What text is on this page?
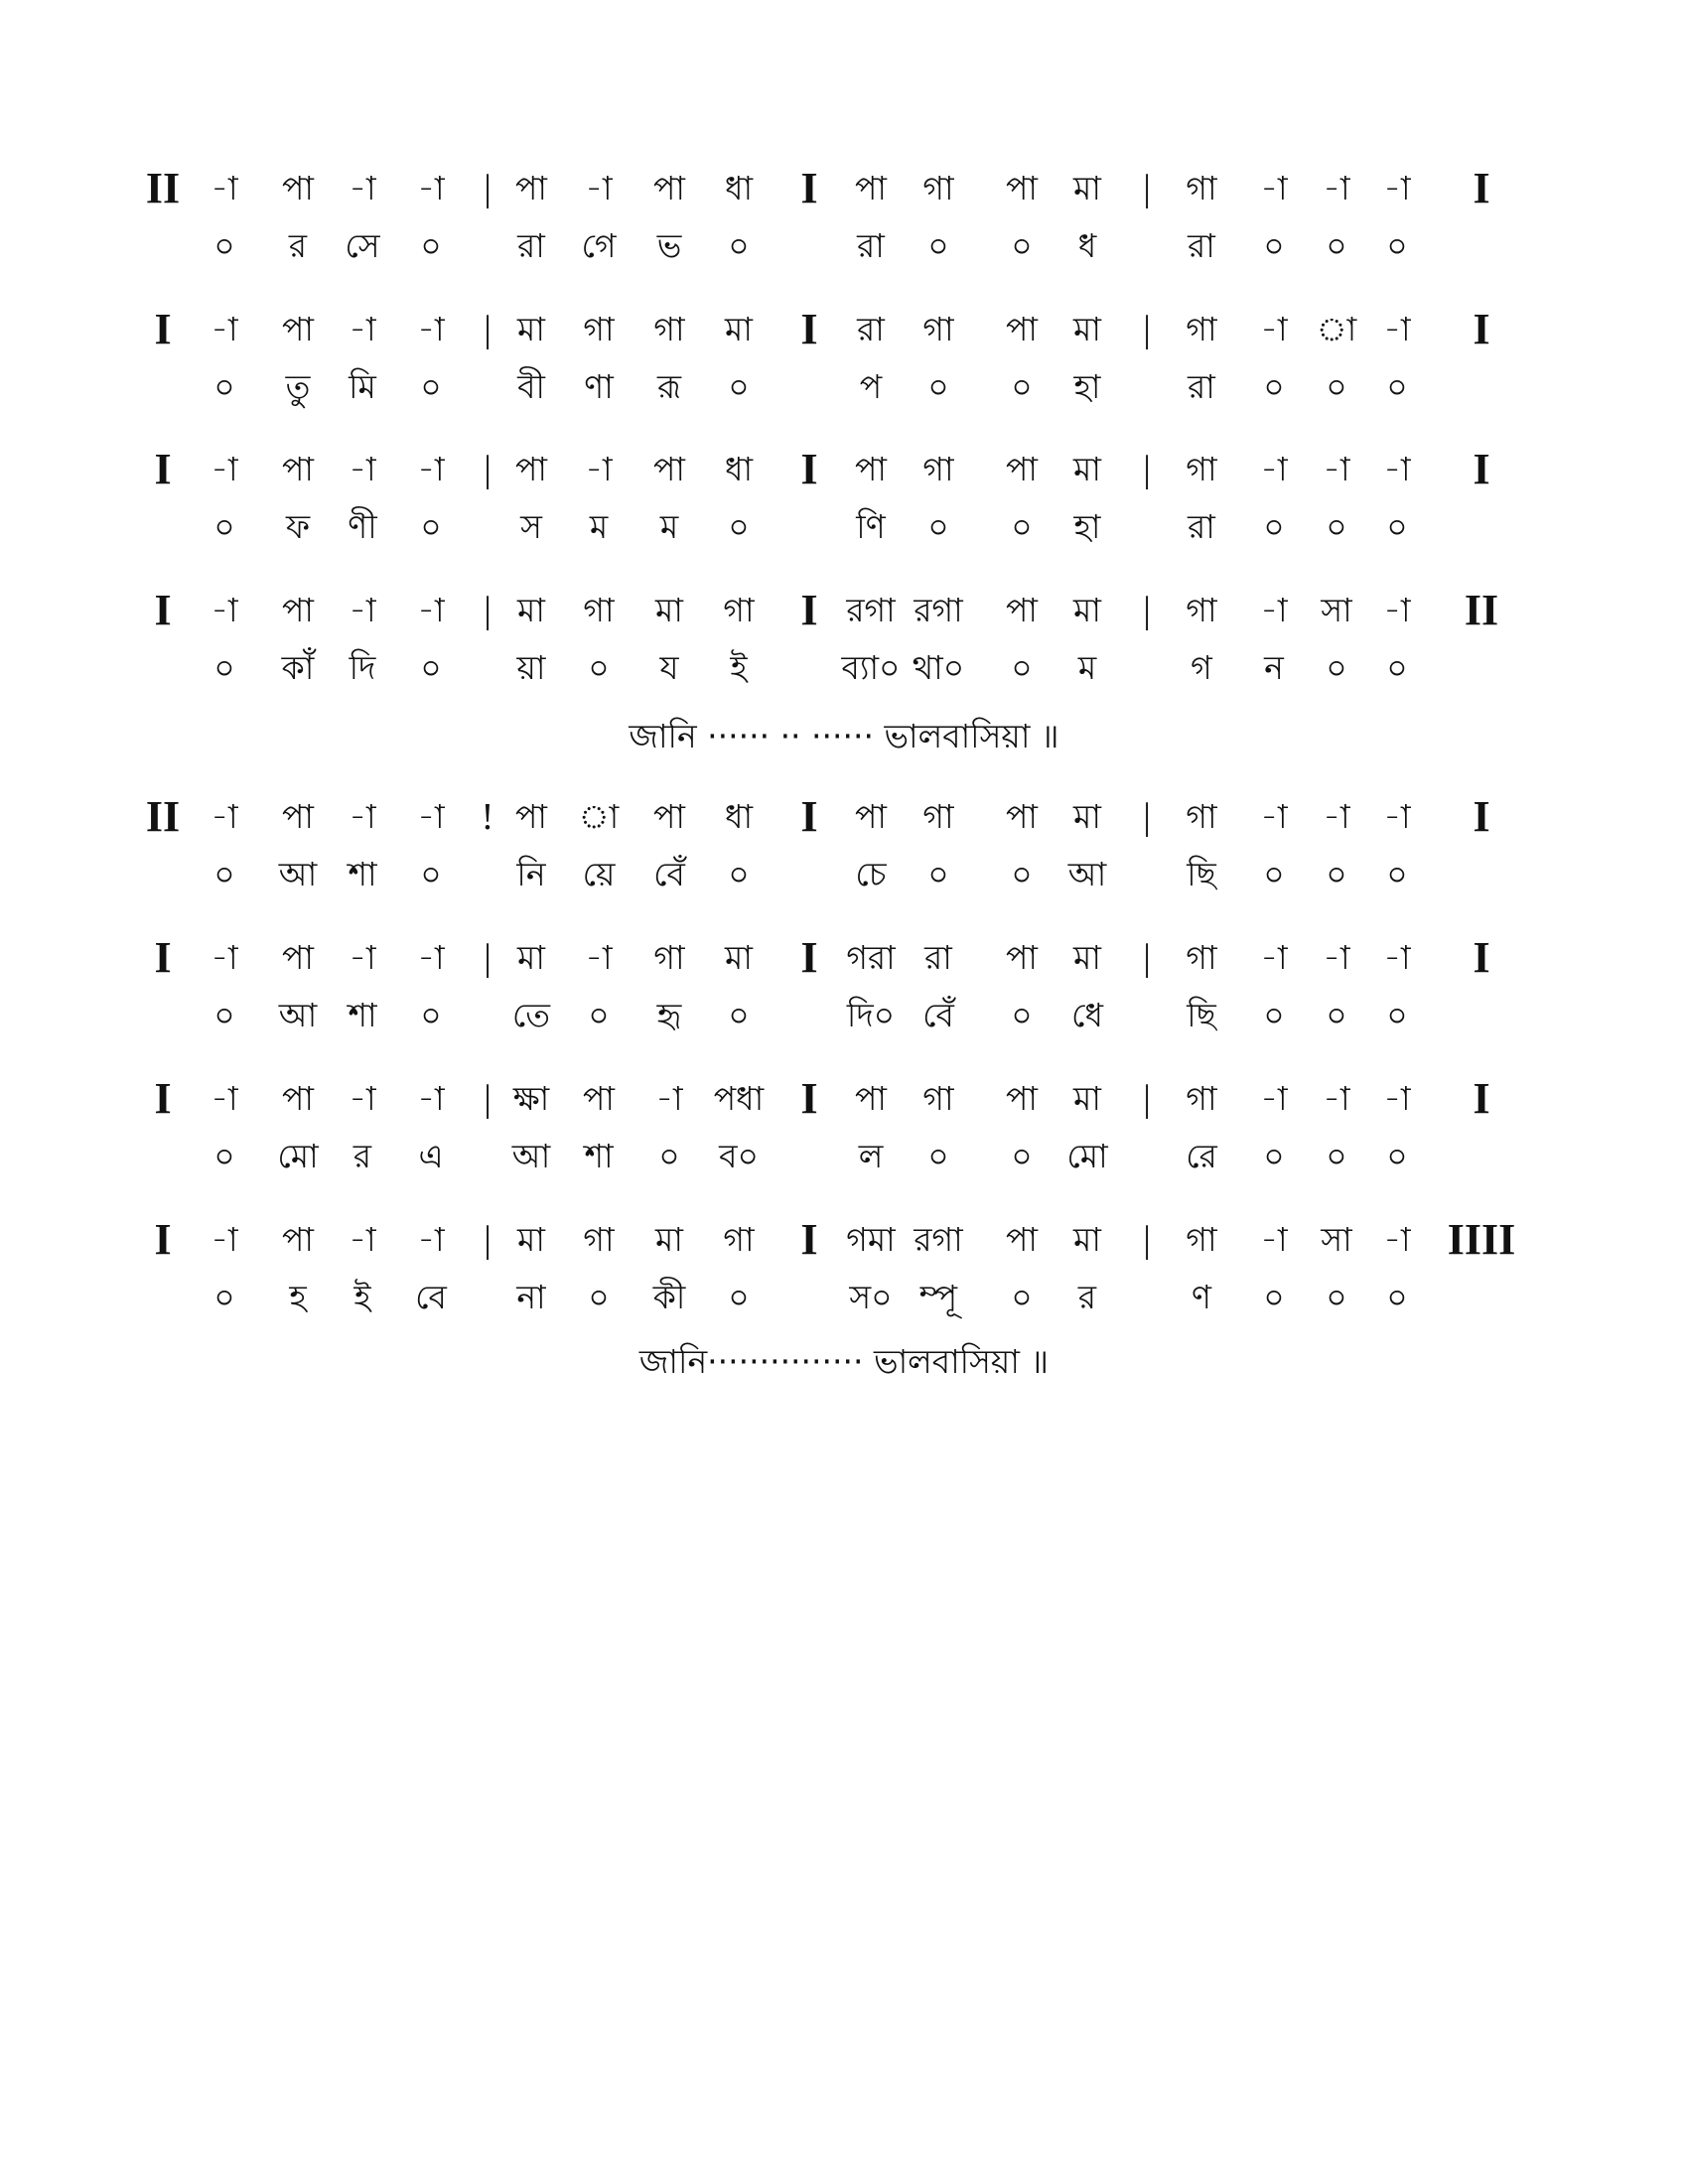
II -া পা -া -া | পা -া পা ধা I পা গা পা মা | গা -া -া -া I
০ র সে ০ রা গে ভ ০	রা ০ ০ ধ	রা ০ ০ ০
I -া পা -া -া | মা গা গা মা I রা গা পা মা | গা -া া -া I
০ তু মি ০ বী ণা রূ ০	প ০ ০ হা	রা ০ ০ ০
I -া পা -া -া | পা -া পা ধা I পা গা পা মা | গা -া -া -া I
০ ফ ণী ০ স ম ম ০	ণি ০ ০ হা	রা ০ ০ ০
I -া পা -া -া | মা গা মা গা I রগা রগা পা মা | গা -া সা -া II
০ কাঁ দি ০ য়া ০ য ই	ব্যা০ থা০ ০ ম	গ ন ০ ০
II -া পা -া -া ! পা া পা ধা I পা গা পা মা | গা -া -া -া I
০ আ শা ০ নি য়ে বেঁ ০	চে ০ ০ আ ছি ০ ০ ০
I -া পা -া -া | মা -া গা মা I গরা রা পা মা | গা -া -া -া I
০ আ শা ০ তে ০ হৃ ০	দি০ বেঁ ০ ধে	ছি ০ ০ ০
I -া পা -া -া | ক্ষা পা -া পধা I পা গা পা মা | গা -া -া -া I
০ মো র এ আ শা ০ ব০	ল ০ ০ মো রে ০ ০ ০
I -া পা -া -া | মা গা মা গা I গমা রগা পা মা | গা -া সা -া IIII
০ হ ই বে না ০ কী ০	স০ ম্পূ ০ র	ণ ০ ০ ০
জানি ······ ·· ······ ভালবাসিয়া ॥
জানি··············· ভালবাসিয়া ॥
